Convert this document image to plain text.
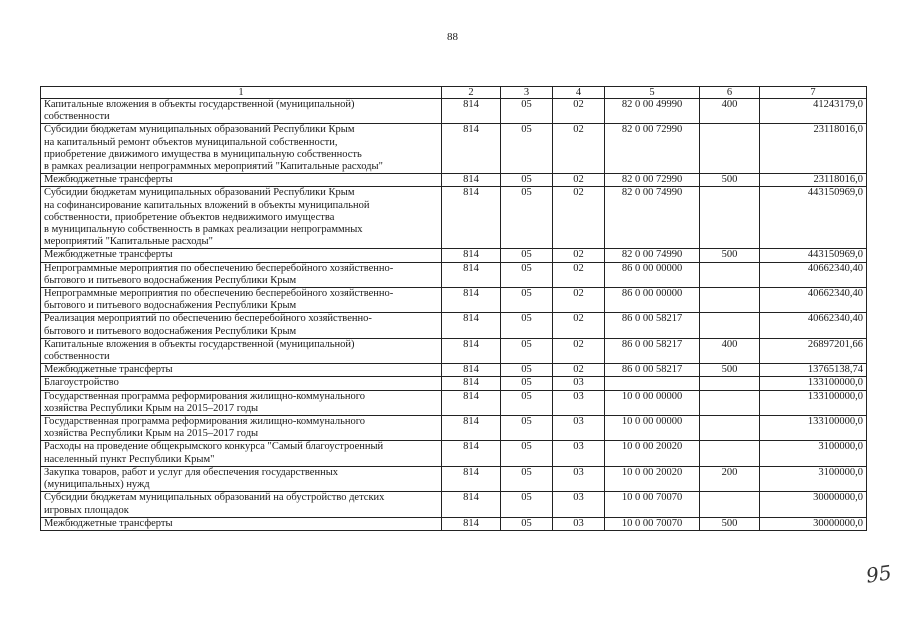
88
1	2	3	4	5	6	7
Капитальные вложения в объекты государственной (муниципальной)
собственности	814	05	02	82 0 00 49990	400	41243179,0
Субсидии бюджетам муниципальных образований Республики Крым
на капитальный ремонт объектов муниципальной собственности,
приобретение движимого имущества в муниципальную собственность
в рамках реализации непрограммных мероприятий "Капитальные расходы"	814	05	02	82 0 00 72990		23118016,0
Межбюджетные трансферты	814	05	02	82 0 00 72990	500	23118016,0
Субсидии бюджетам муниципальных образований Республики Крым
на софинансирование капитальных вложений в объекты муниципальной
собственности, приобретение объектов недвижимого имущества
в муниципальную собственность в рамках реализации непрограммных
мероприятий "Капитальные расходы"	814	05	02	82 0 00 74990		443150969,0
Межбюджетные трансферты	814	05	02	82 0 00 74990	500	443150969,0
Непрограммные мероприятия по обеспечению бесперебойного хозяйственно-
бытового и питьевого водоснабжения Республики Крым	814	05	02	86 0 00 00000		40662340,40
Непрограммные мероприятия по обеспечению бесперебойного хозяйственно-
бытового и питьевого водоснабжения Республики Крым	814	05	02	86 0 00 00000		40662340,40
Реализация мероприятий по обеспечению бесперебойного хозяйственно-
бытового и питьевого водоснабжения Республики Крым	814	05	02	86 0 00 58217		40662340,40
Капитальные вложения в объекты государственной (муниципальной)
собственности	814	05	02	86 0 00 58217	400	26897201,66
Межбюджетные трансферты	814	05	02	86 0 00 58217	500	13765138,74
Благоустройство	814	05	03			133100000,0
Государственная программа реформирования жилищно-коммунального
хозяйства Республики Крым на 2015–2017 годы	814	05	03	10 0 00 00000		133100000,0
Государственная программа реформирования жилищно-коммунального
хозяйства Республики Крым на 2015–2017 годы	814	05	03	10 0 00 00000		133100000,0
Расходы на проведение общекрымского конкурса "Самый благоустроенный
населенный пункт Республики Крым"	814	05	03	10 0 00 20020		3100000,0
Закупка товаров, работ и услуг для обеспечения государственных
(муниципальных) нужд	814	05	03	10 0 00 20020	200	3100000,0
Субсидии бюджетам муниципальных образований на обустройство детских
игровых площадок	814	05	03	10 0 00 70070		30000000,0
Межбюджетные трансферты	814	05	03	10 0 00 70070	500	30000000,0
95
